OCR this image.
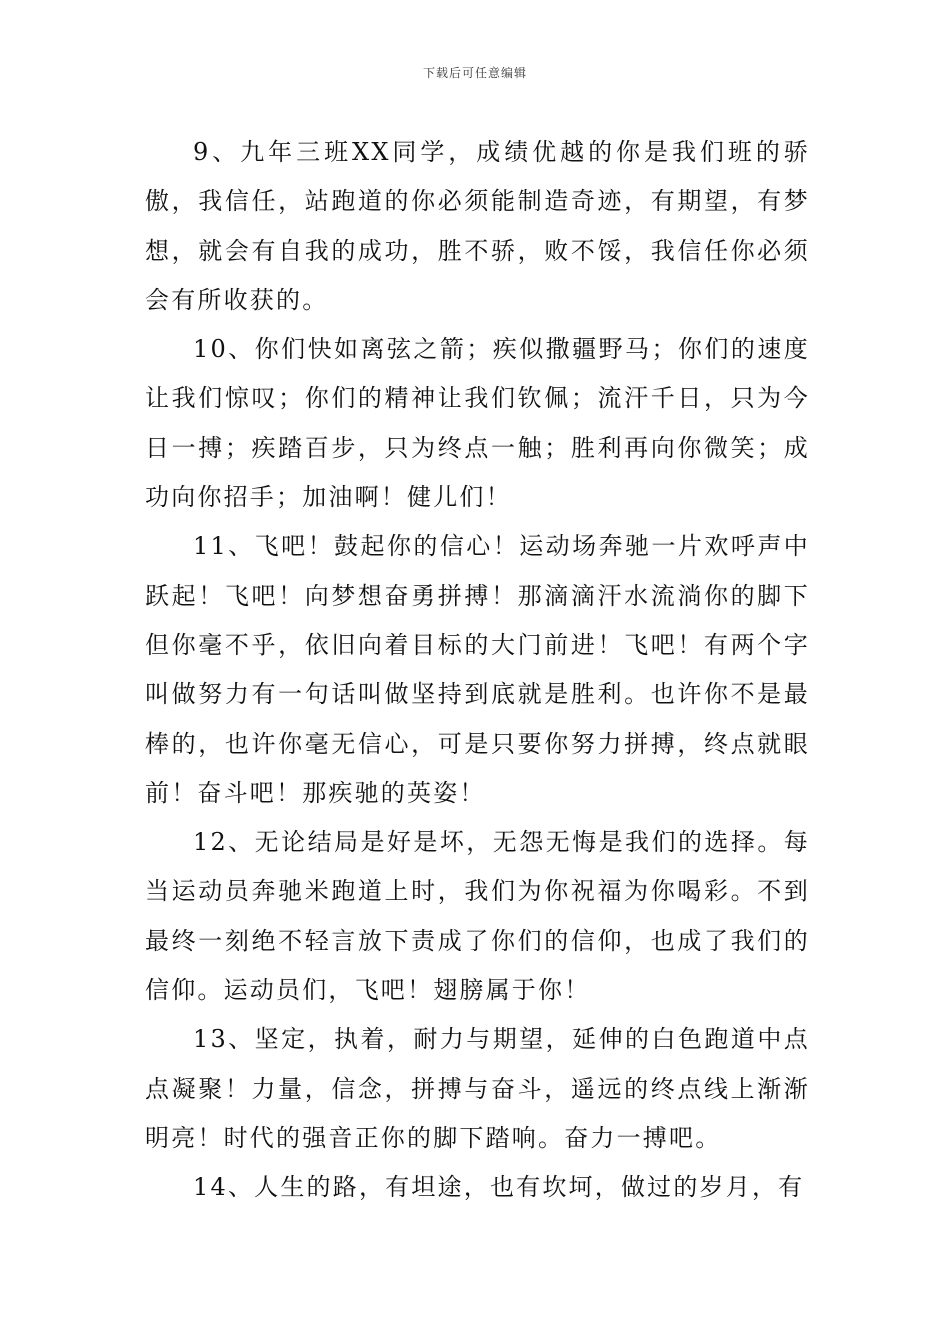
下载后可任意编辑

9、九年三班XX同学，成绩优越的你是我们班的骄傲，我信任，站跑道的你必须能制造奇迹，有期望，有梦想，就会有自我的成功，胜不骄，败不馁，我信任你必须会有所收获的。

10、你们快如离弦之箭；疾似撒疆野马；你们的速度让我们惊叹；你们的精神让我们钦佩；流汗千日，只为今日一搏；疾踏百步，只为终点一触；胜利再向你微笑；成功向你招手；加油啊！健儿们！

11、飞吧！鼓起你的信心！运动场奔驰一片欢呼声中跃起！飞吧！向梦想奋勇拼搏！那滴滴汗水流淌你的脚下但你毫不乎，依旧向着目标的大门前进！飞吧！有两个字叫做努力有一句话叫做坚持到底就是胜利。也许你不是最棒的，也许你毫无信心，可是只要你努力拼搏，终点就眼前！奋斗吧！那疾驰的英姿！

12、无论结局是好是坏，无怨无悔是我们的选择。每当运动员奔驰米跑道上时，我们为你祝福为你喝彩。不到最终一刻绝不轻言放下责成了你们的信仰，也成了我们的信仰。运动员们，飞吧！翅膀属于你！

13、坚定，执着，耐力与期望，延伸的白色跑道中点点凝聚！力量，信念，拼搏与奋斗，遥远的终点线上渐渐明亮！时代的强音正你的脚下踏响。奋力一搏吧。

14、人生的路，有坦途，也有坎坷，做过的岁月，有
